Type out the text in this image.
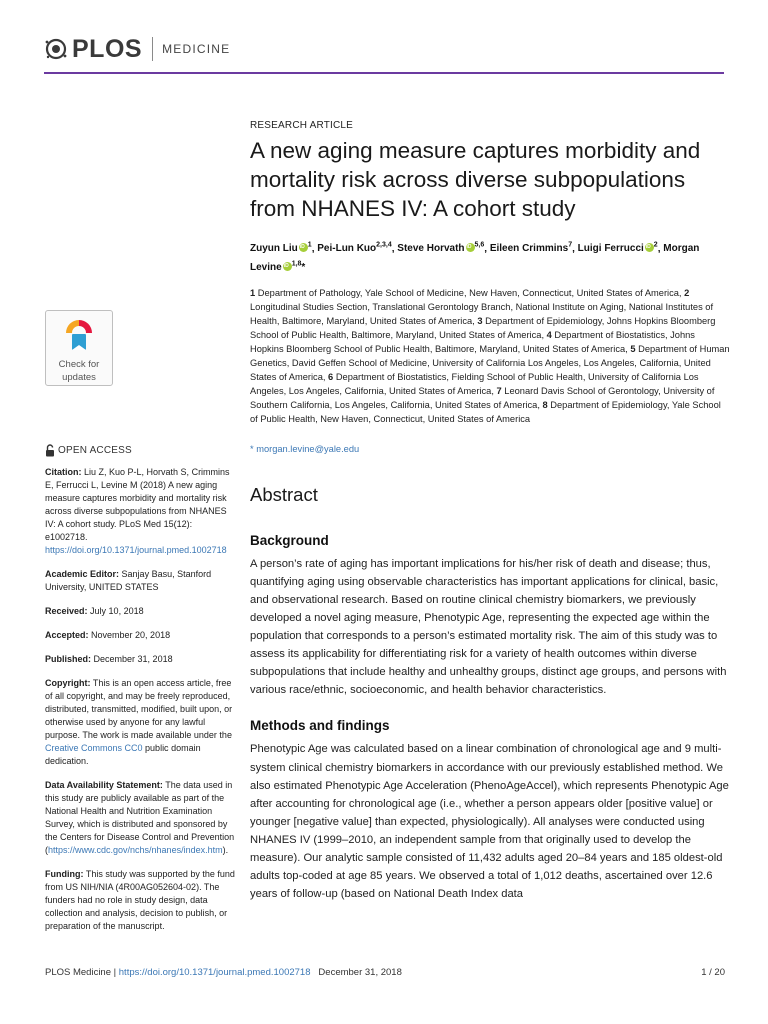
PLOS MEDICINE
Check for
updates
OPEN ACCESS

Citation: Liu Z, Kuo P-L, Horvath S, Crimmins E, Ferrucci L, Levine M (2018) A new aging measure captures morbidity and mortality risk across diverse subpopulations from NHANES IV: A cohort study. PLoS Med 15(12): e1002718. https://doi.org/10.1371/journal.pmed.1002718

Academic Editor: Sanjay Basu, Stanford University, UNITED STATES

Received: July 10, 2018

Accepted: November 20, 2018

Published: December 31, 2018

Copyright: This is an open access article, free of all copyright, and may be freely reproduced, distributed, transmitted, modified, built upon, or otherwise used by anyone for any lawful purpose. The work is made available under the Creative Commons CC0 public domain dedication.

Data Availability Statement: The data used in this study are publicly available as part of the National Health and Nutrition Examination Survey, which is distributed and sponsored by the Centers for Disease Control and Prevention (https://www.cdc.gov/nchs/nhanes/index.htm).

Funding: This study was supported by the fund from US NIH/NIA (4R00AG052604-02). The funders had no role in study design, data collection and analysis, decision to publish, or preparation of the manuscript.

RESEARCH ARTICLE

A new aging measure captures morbidity and mortality risk across diverse subpopulations from NHANES IV: A cohort study
Zuyun Liu iD $^1$, Pei-Lun Kuo$^{2,3,4}$, Steve Horvath iD $^{5,6}$, Eileen Crimmins$^7$, Luigi Ferrucci iD $^2$, Morgan Levine iD $^{1,8}$*
1 Department of Pathology, Yale School of Medicine, New Haven, Connecticut, United States of America, 2 Longitudinal Studies Section, Translational Gerontology Branch, National Institute on Aging, National Institutes of Health, Baltimore, Maryland, United States of America, 3 Department of Epidemiology, Johns Hopkins Bloomberg School of Public Health, Baltimore, Maryland, United States of America, 4 Department of Biostatistics, Johns Hopkins Bloomberg School of Public Health, Baltimore, Maryland, United States of America, 5 Department of Human Genetics, David Geffen School of Medicine, University of California Los Angeles, Los Angeles, California, United States of America, 6 Department of Biostatistics, Fielding School of Public Health, University of California Los Angeles, Los Angeles, California, United States of America, 7 Leonard Davis School of Gerontology, University of Southern California, Los Angeles, California, United States of America, 8 Department of Epidemiology, Yale School of Public Health, New Haven, Connecticut, United States of America
* morgan.levine@yale.edu
Abstract
Background

A person’s rate of aging has important implications for his/her risk of death and disease; thus, quantifying aging using observable characteristics has important applications for clinical, basic, and observational research. Based on routine clinical chemistry biomarkers, we previously developed a novel aging measure, Phenotypic Age, representing the expected age within the population that corresponds to a person’s estimated mortality risk. The aim of this study was to assess its applicability for differentiating risk for a variety of health outcomes within diverse subpopulations that include healthy and unhealthy groups, distinct age groups, and persons with various race/ethnic, socioeconomic, and health behavior characteristics.

Methods and findings

Phenotypic Age was calculated based on a linear combination of chronological age and 9 multi-system clinical chemistry biomarkers in accordance with our previously established method. We also estimated Phenotypic Age Acceleration (PhenoAgeAccel), which represents Phenotypic Age after accounting for chronological age (i.e., whether a person appears older [positive value] or younger [negative value] than expected, physiologically). All analyses were conducted using NHANES IV (1999–2010, an independent sample from that originally used to develop the measure). Our analytic sample consisted of 11,432 adults aged 20–84 years and 185 oldest-old adults top-coded at age 85 years. We observed a total of 1,012 deaths, ascertained over 12.6 years of follow-up (based on National Death Index data

PLOS Medicine | https://doi.org/10.1371/journal.pmed.1002718 December 31, 2018	1 / 20
